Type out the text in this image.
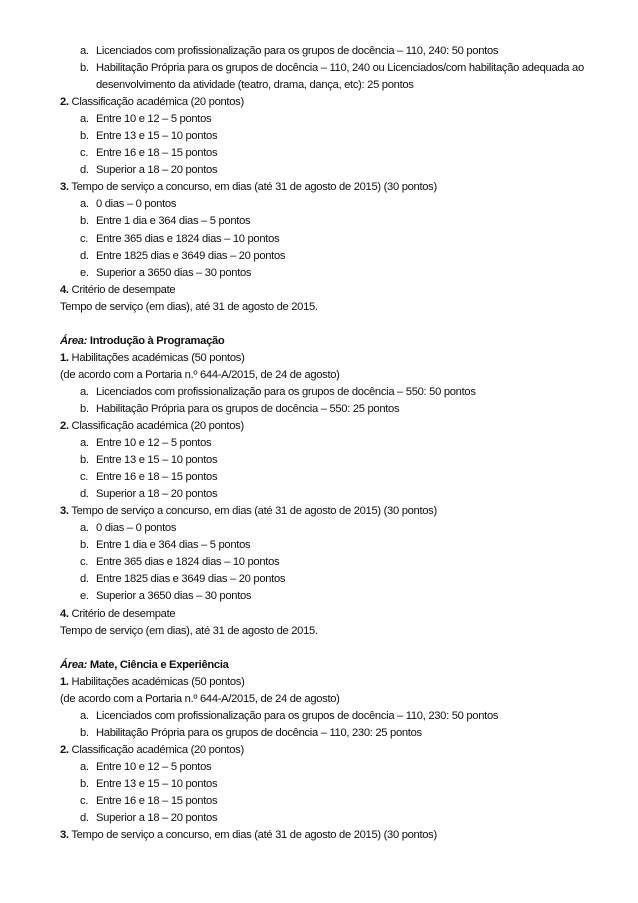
a. Licenciados com profissionalização para os grupos de docência – 110, 240: 50 pontos
b. Habilitação Própria para os grupos de docência – 110, 240 ou Licenciados/com habilitação adequada ao desenvolvimento da atividade (teatro, drama, dança, etc): 25 pontos
2. Classificação académica (20 pontos)
a. Entre 10 e 12 – 5 pontos
b. Entre 13 e 15 – 10 pontos
c. Entre 16 e 18 – 15 pontos
d. Superior a 18 – 20 pontos
3. Tempo de serviço a concurso, em dias (até 31 de agosto de 2015) (30 pontos)
a. 0 dias – 0 pontos
b. Entre 1 dia e 364 dias – 5 pontos
c. Entre 365 dias e 1824 dias – 10 pontos
d. Entre 1825 dias e 3649 dias – 20 pontos
e. Superior a 3650 dias – 30 pontos
4. Critério de desempate
Tempo de serviço (em dias), até 31 de agosto de 2015.
Área: Introdução à Programação
1. Habilitações académicas (50 pontos)
(de acordo com a Portaria n.º 644-A/2015, de 24 de agosto)
a. Licenciados com profissionalização para os grupos de docência – 550: 50 pontos
b. Habilitação Própria para os grupos de docência – 550: 25 pontos
2. Classificação académica (20 pontos)
a. Entre 10 e 12 – 5 pontos
b. Entre 13 e 15 – 10 pontos
c. Entre 16 e 18 – 15 pontos
d. Superior a 18 – 20 pontos
3. Tempo de serviço a concurso, em dias (até 31 de agosto de 2015) (30 pontos)
a. 0 dias – 0 pontos
b. Entre 1 dia e 364 dias – 5 pontos
c. Entre 365 dias e 1824 dias – 10 pontos
d. Entre 1825 dias e 3649 dias – 20 pontos
e. Superior a 3650 dias – 30 pontos
4. Critério de desempate
Tempo de serviço (em dias), até 31 de agosto de 2015.
Área: Mate, Ciência e Experiência
1. Habilitações académicas (50 pontos)
(de acordo com a Portaria n.º 644-A/2015, de 24 de agosto)
a. Licenciados com profissionalização para os grupos de docência – 110, 230: 50 pontos
b. Habilitação Própria para os grupos de docência – 110, 230: 25 pontos
2. Classificação académica (20 pontos)
a. Entre 10 e 12 – 5 pontos
b. Entre 13 e 15 – 10 pontos
c. Entre 16 e 18 – 15 pontos
d. Superior a 18 – 20 pontos
3. Tempo de serviço a concurso, em dias (até 31 de agosto de 2015) (30 pontos)
